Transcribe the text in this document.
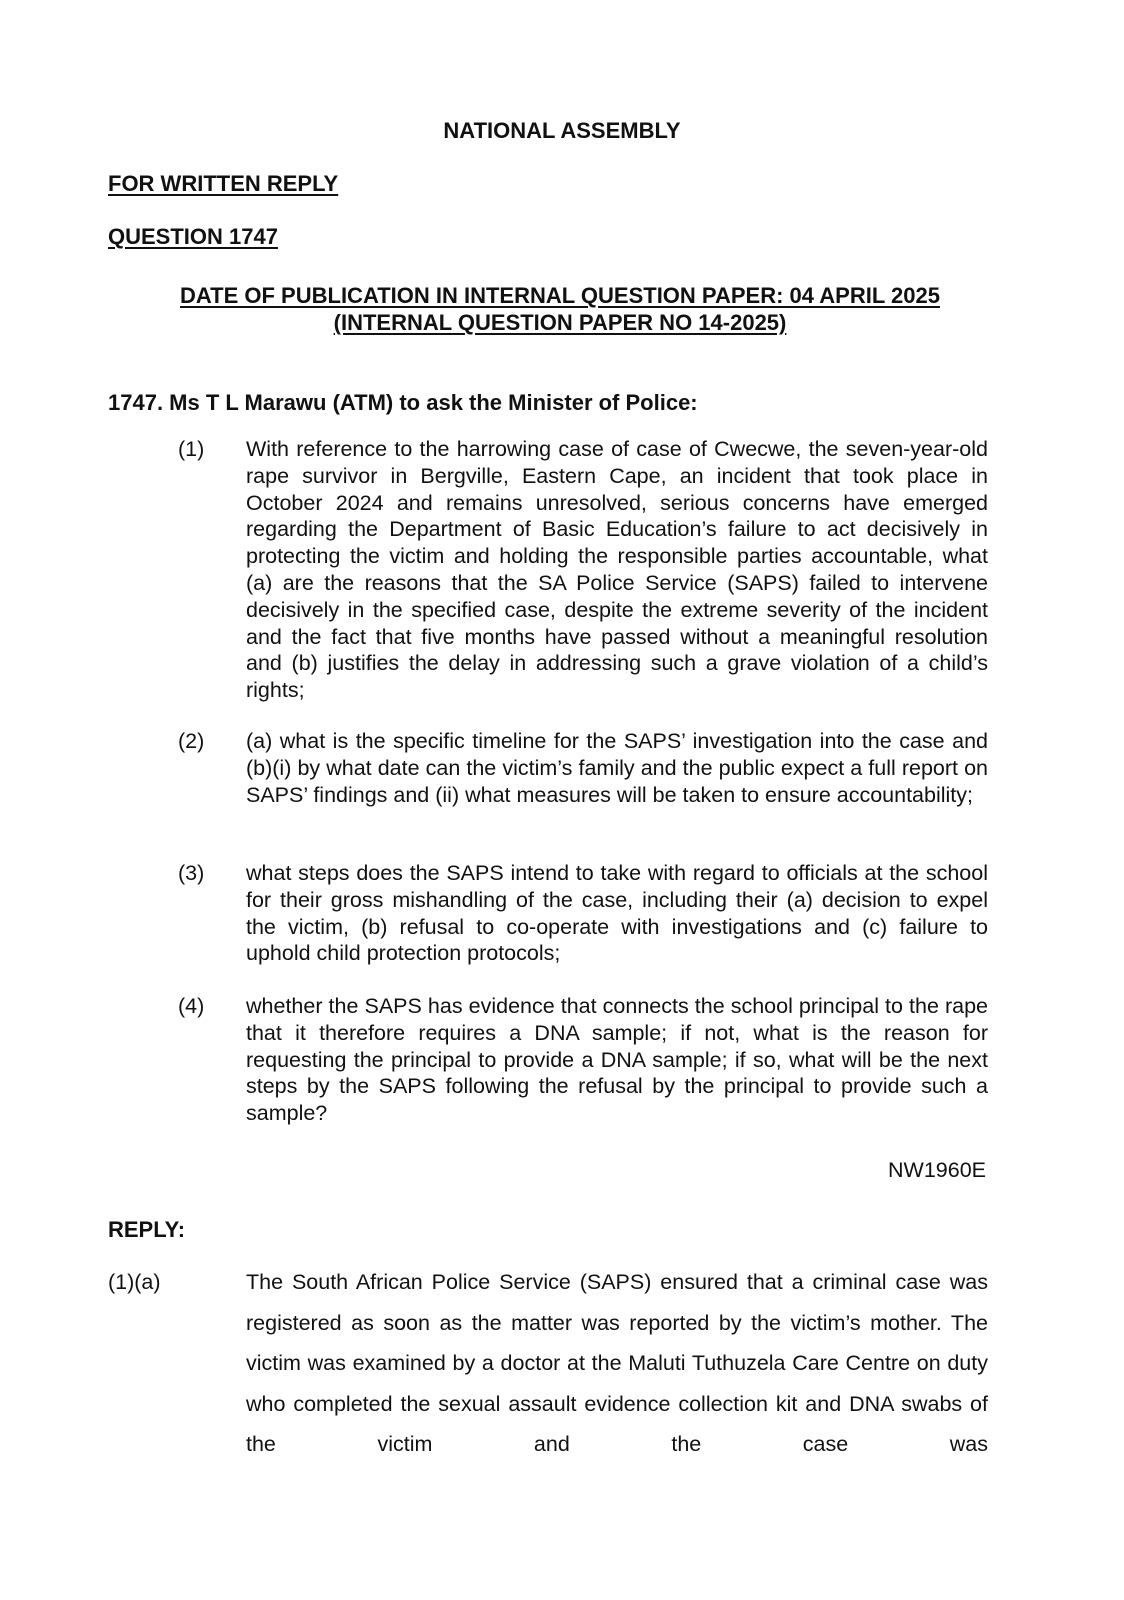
NATIONAL ASSEMBLY
FOR WRITTEN REPLY
QUESTION 1747
DATE OF PUBLICATION IN INTERNAL QUESTION PAPER: 04 APRIL 2025
(INTERNAL QUESTION PAPER NO 14-2025)
1747. Ms T L Marawu (ATM) to ask the Minister of Police:
(1)	With reference to the harrowing case of case of Cwecwe, the seven-year-old rape survivor in Bergville, Eastern Cape, an incident that took place in October 2024 and remains unresolved, serious concerns have emerged regarding the Department of Basic Education’s failure to act decisively in protecting the victim and holding the responsible parties accountable, what (a) are the reasons that the SA Police Service (SAPS) failed to intervene decisively in the specified case, despite the extreme severity of the incident and the fact that five months have passed without a meaningful resolution and (b) justifies the delay in addressing such a grave violation of a child’s rights;
(2)	(a) what is the specific timeline for the SAPS’ investigation into the case and (b)(i) by what date can the victim’s family and the public expect a full report on SAPS’ findings and (ii) what measures will be taken to ensure accountability;
(3)	what steps does the SAPS intend to take with regard to officials at the school for their gross mishandling of the case, including their (a) decision to expel the victim, (b) refusal to co-operate with investigations and (c) failure to uphold child protection protocols;
(4)	whether the SAPS has evidence that connects the school principal to the rape that it therefore requires a DNA sample; if not, what is the reason for requesting the principal to provide a DNA sample; if so, what will be the next steps by the SAPS following the refusal by the principal to provide such a sample?
NW1960E
REPLY:
(1)(a)	The South African Police Service (SAPS) ensured that a criminal case was registered as soon as the matter was reported by the victim’s mother. The victim was examined by a doctor at the Maluti Tuthuzela Care Centre on duty who completed the sexual assault evidence collection kit and DNA swabs of the victim and the case was
